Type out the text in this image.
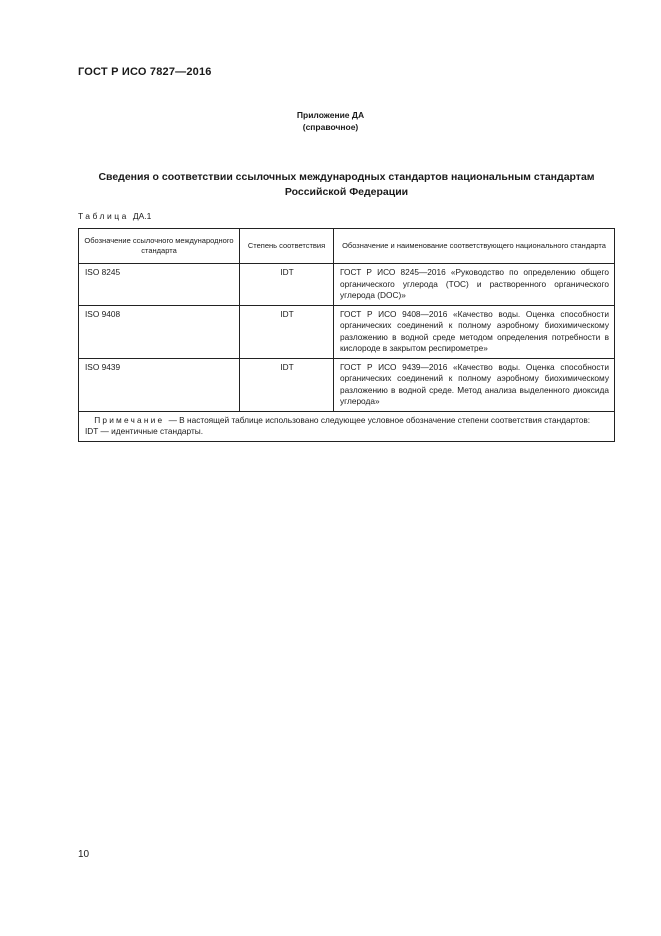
ГОСТ Р ИСО 7827—2016
Приложение ДА
(справочное)
Сведения о соответствии ссылочных международных стандартов национальным стандартам Российской Федерации
Таблица ДА.1
Обозначение ссылочного международного стандарта	Степень соответствия	Обозначение и наименование соответствующего национального стандарта
ISO 8245	IDT	ГОСТ Р ИСО 8245—2016 «Руководство по определению общего органического углерода (TOC) и растворенного органического углерода (DOC)»
ISO 9408	IDT	ГОСТ Р ИСО 9408—2016 «Качество воды. Оценка способности органических соединений к полному аэробному биохимическому разложению в водной среде методом определения потребности в кислороде в закрытом респирометре»
ISO 9439	IDT	ГОСТ Р ИСО 9439—2016 «Качество воды. Оценка способности органических соединений к полному аэробному биохимическому разложению в водной среде. Метод анализа выделенного диоксида углерода»

Примечание — В настоящей таблице использовано следующее условное обозначение степени соответствия стандартов:
IDT — идентичные стандарты.		
10
